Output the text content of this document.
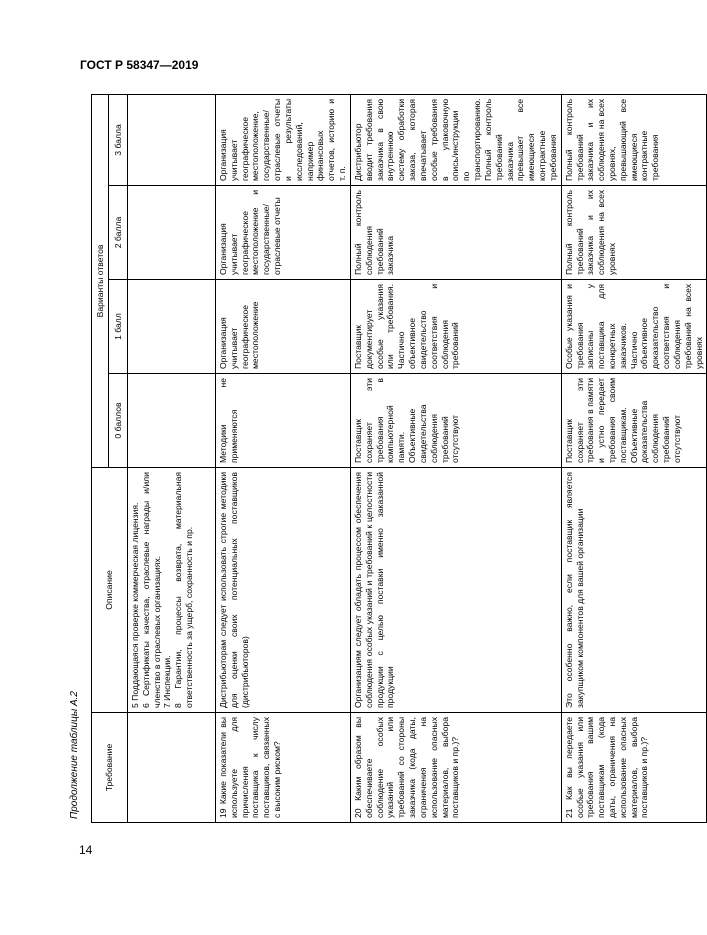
ГОСТ Р 58347—2019
Продолжение таблицы А.2	Требование	Описание	Варианты ответов			
		0 баллов	1 балл	2 балла	3 балла

	5 Поддающаяся проверке коммерческая лицензия. 6 Сертификаты качества, отраслевые награды и/или членство в отраслевых организациях. 7 Инспекции. 8 Гарантии, процессы возврата, материальная ответственность за ущерб, сохранность и пр.				

19 Какие показатели вы используете для причисления поставщика к числу поставщиков, связанных с высоким риском?	Дистрибьюторам следует использовать строгие методики для оценки своих потенциальных поставщиков (дистрибьюторов)	Методики не применяются	Организация учитывает географическое местоположение	Организация учитывает географическое местоположение и государственные/отраслевые отчеты	Организация учитывает географическое местоположение, государственные/отраслевые отчеты и результаты исследований, например финансовых отчетов, историю и т. п.
20 Каким образом вы обеспечиваете соблюдение особых указаний или требований со стороны заказчика (кода даты, ограничения на использование опасных материалов, выбора поставщиков и пр.)?	Организациям следует обладать процессом обеспечения соблюдения особых указаний и требований к целостности продукции с целью поставки именно заказанной продукции	Поставщик сохраняет эти требования в компьютерной памяти. Объективные свидетельства соблюдения требований отсутствуют	Поставщик документирует особые указания или требования. Частично объективное свидетельство соответствия и соблюдения требований	Полный контроль соблюдения требований заказчика	Дистрибьютор вводит требования заказчика в свою внутреннюю систему обработки заказа, которая впечатывает особые требования в упаковочную опись/инструкции по транспортированию. Полный контроль требований заказчика превышает все имеющиеся контрактные требования
21 Как вы передаете особые указания или требования вашим поставщикам (кода даты, ограничения на использование опасных материалов, выбора поставщиков и пр.)?	Это особенно важно, если поставщик является закупщиком компонентов для вашей организации	Поставщик сохраняет эти требования в памяти и устно передает требования своим поставщикам. Объективные доказательства соблюдения требований отсутствуют	Особые указания и требования записаны у поставщика для конкретных заказчиков. Частично объективное доказательство соответствия и соблюдения требований на всех уровнях	Полный контроль требований заказчика и их соблюдения на всех уровнях	Полный контроль требований заказчика и их соблюдения на всех уровнях, превышающий все имеющиеся контрактные требования
14
